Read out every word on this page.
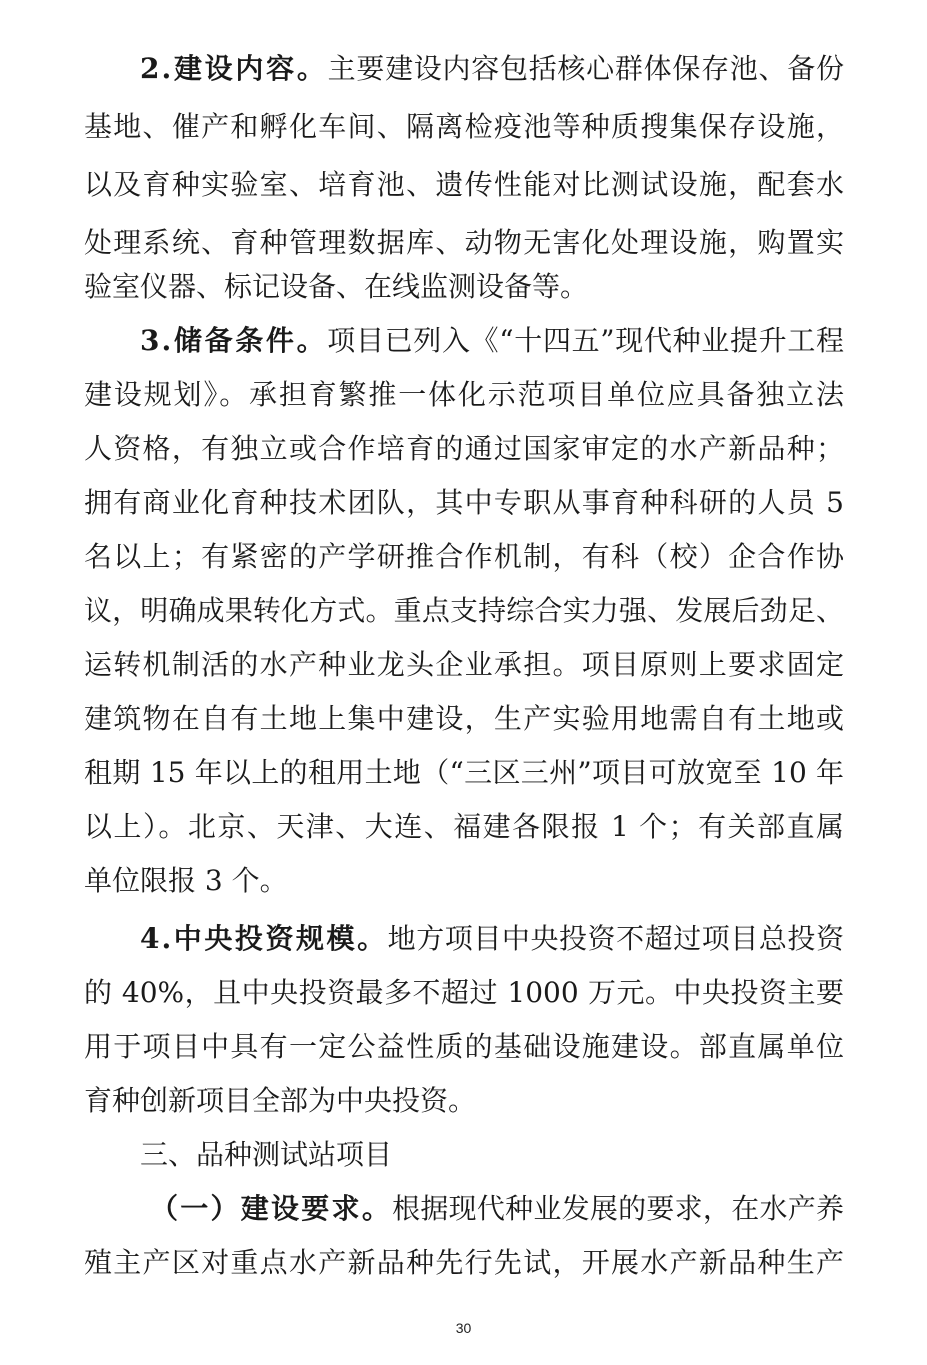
2.建设内容。主要建设内容包括核心群体保存池、备份
基地、催产和孵化车间、隔离检疫池等种质搜集保存设施，
以及育种实验室、培育池、遗传性能对比测试设施，配套水
处理系统、育种管理数据库、动物无害化处理设施，购置实
验室仪器、标记设备、在线监测设备等。
3.储备条件。项目已列入《“十四五”现代种业提升工程
建设规划》。承担育繁推一体化示范项目单位应具备独立法
人资格，有独立或合作培育的通过国家审定的水产新品种；
拥有商业化育种技术团队，其中专职从事育种科研的人员 5
名以上；有紧密的产学研推合作机制，有科（校）企合作协
议，明确成果转化方式。重点支持综合实力强、发展后劲足、
运转机制活的水产种业龙头企业承担。项目原则上要求固定
建筑物在自有土地上集中建设，生产实验用地需自有土地或
租期 15 年以上的租用土地（“三区三州”项目可放宽至 10 年
以上）。北京、天津、大连、福建各限报 1 个；有关部直属
单位限报 3 个。
4.中央投资规模。地方项目中央投资不超过项目总投资
的 40%，且中央投资最多不超过 1000 万元。中央投资主要
用于项目中具有一定公益性质的基础设施建设。部直属单位
育种创新项目全部为中央投资。
三、品种测试站项目
（一）建设要求。根据现代种业发展的要求，在水产养
殖主产区对重点水产新品种先行先试，开展水产新品种生产
30
